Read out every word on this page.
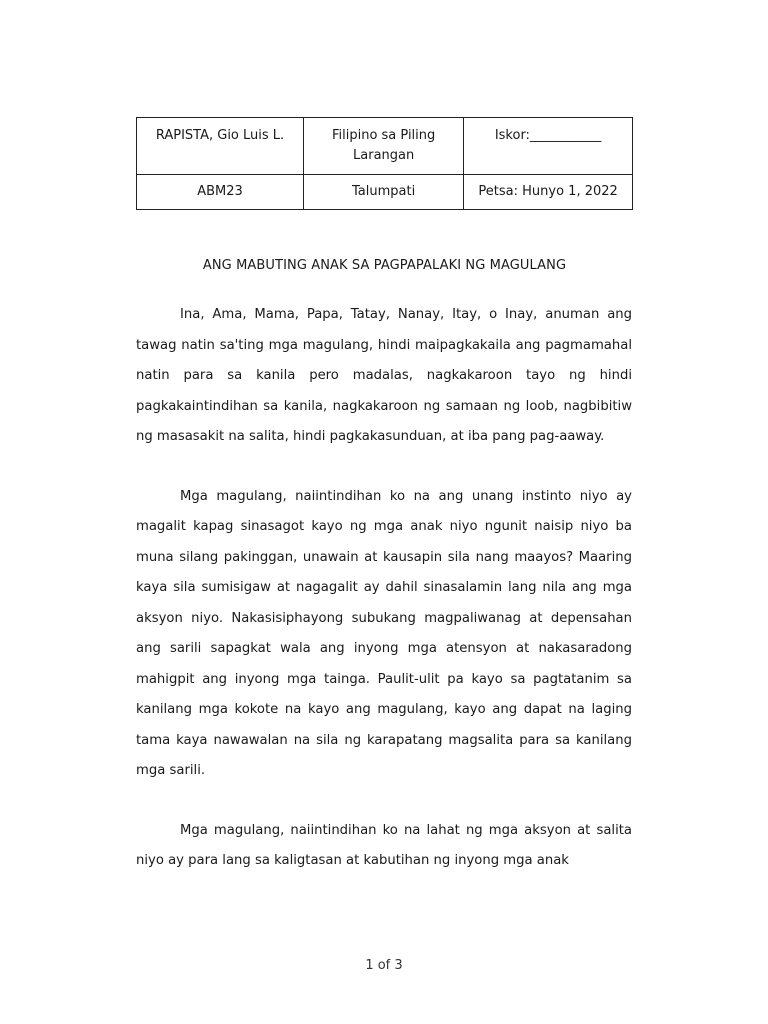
RAPISTA, Gio Luis L.	Filipino sa Piling Larangan	Iskor:___________
ABM23	Talumpati	Petsa: Hunyo 1, 2022
ANG MABUTING ANAK SA PAGPAPALAKI NG MAGULANG

Ina, Ama, Mama, Papa, Tatay, Nanay, Itay, o Inay, anuman ang tawag natin sa'ting mga magulang, hindi maipagkakaila ang pagmamahal natin para sa kanila pero madalas, nagkakaroon tayo ng hindi pagkakaintindihan sa kanila, nagkakaroon ng samaan ng loob, nagbibitiw ng masasakit na salita, hindi pagkakasunduan, at iba pang pag-aaway.

Mga magulang, naiintindihan ko na ang unang instinto niyo ay magalit kapag sinasagot kayo ng mga anak niyo ngunit naisip niyo ba muna silang pakinggan, unawain at kausapin sila nang maayos? Maaring kaya sila sumisigaw at nagagalit ay dahil sinasalamin lang nila ang mga aksyon niyo. Nakasisiphayong subukang magpaliwanag at depensahan ang sarili sapagkat wala ang inyong mga atensyon at nakasaradong mahigpit ang inyong mga tainga. Paulit-ulit pa kayo sa pagtatanim sa kanilang mga kokote na kayo ang magulang, kayo ang dapat na laging tama kaya nawawalan na sila ng karapatang magsalita para sa kanilang mga sarili.

Mga magulang, naiintindihan ko na lahat ng mga aksyon at salita niyo ay para lang sa kaligtasan at kabutihan ng inyong mga anak

1 of 3
